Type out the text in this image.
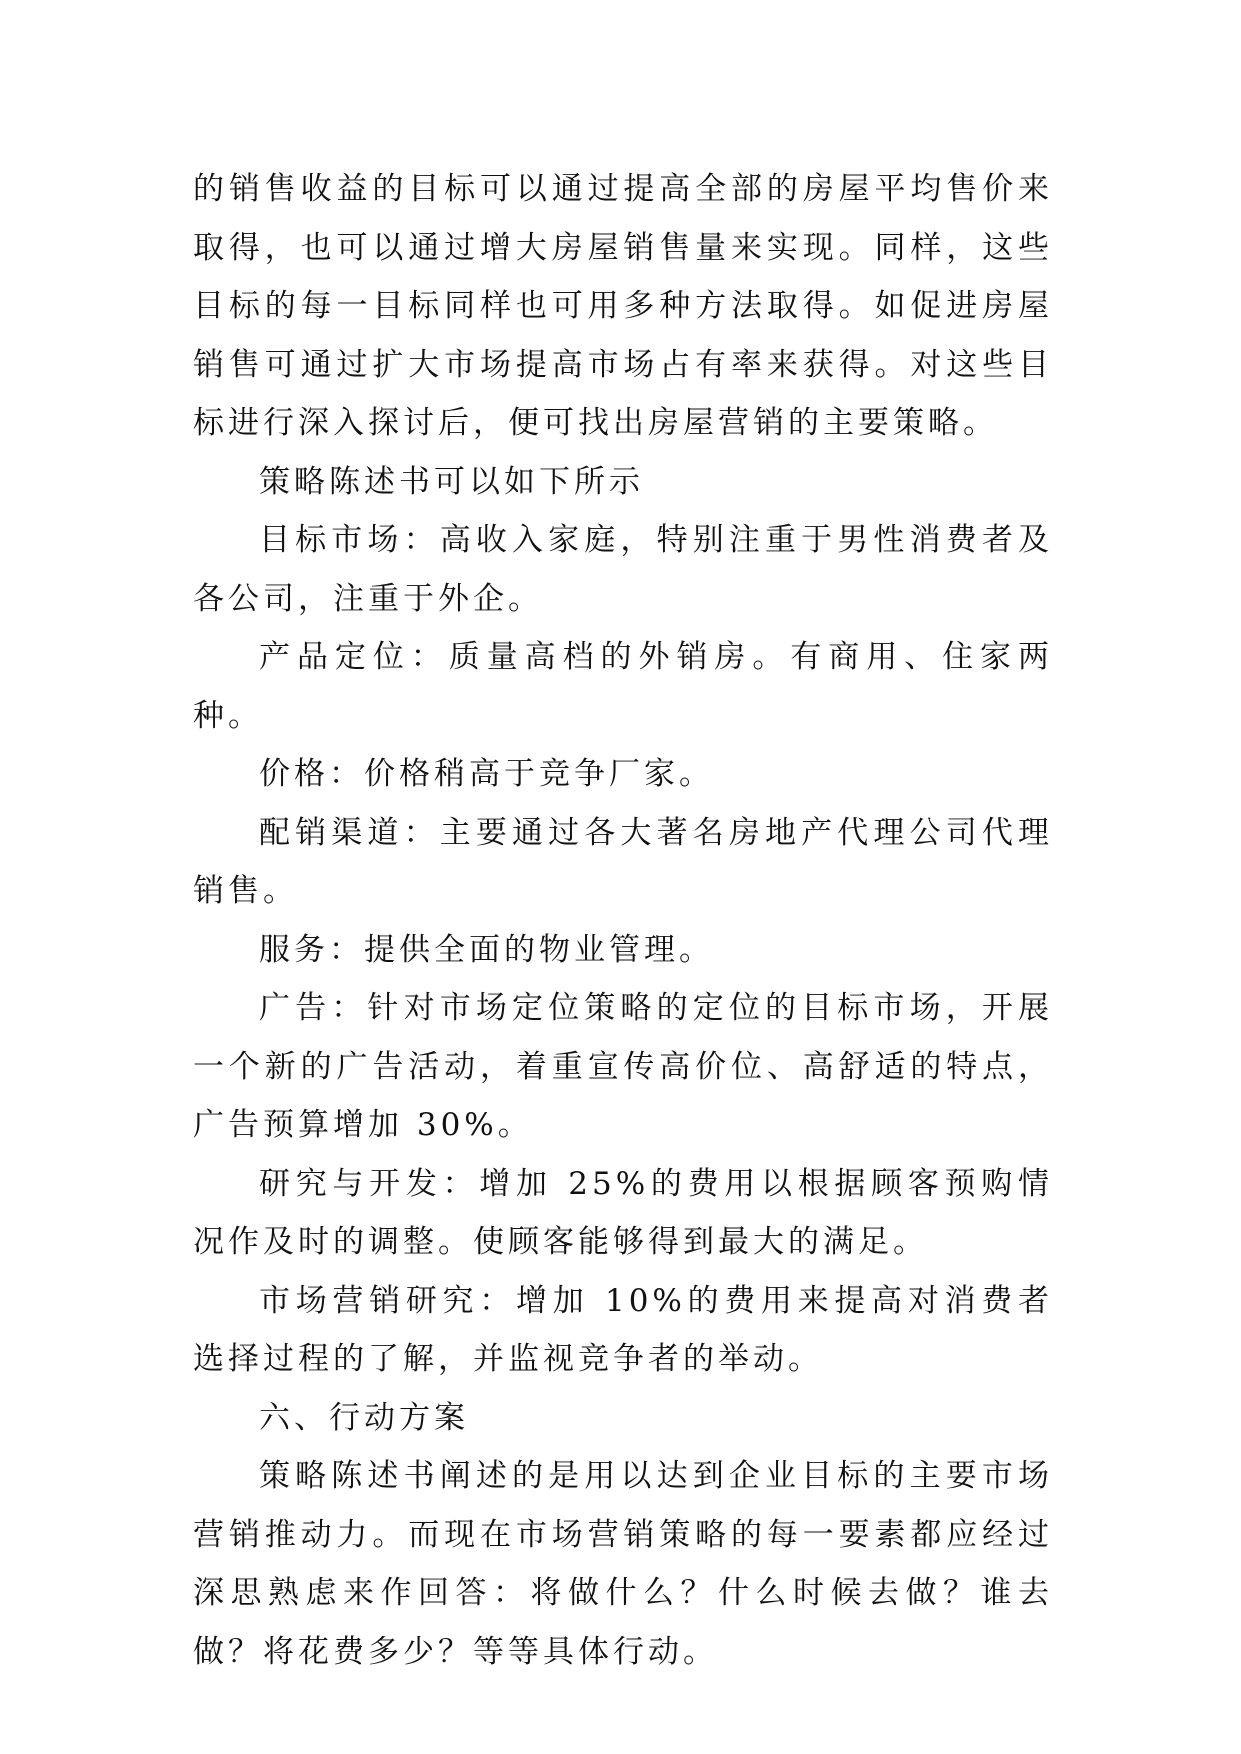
的销售收益的目标可以通过提高全部的房屋平均售价来取得，也可以通过增大房屋销售量来实现。同样，这些目标的每一目标同样也可用多种方法取得。如促进房屋销售可通过扩大市场提高市场占有率来获得。对这些目标进行深入探讨后，便可找出房屋营销的主要策略。

策略陈述书可以如下所示

目标市场：高收入家庭，特别注重于男性消费者及各公司，注重于外企。

产品定位：质量高档的外销房。有商用、住家两种。

价格：价格稍高于竞争厂家。

配销渠道：主要通过各大著名房地产代理公司代理销售。

服务：提供全面的物业管理。

广告：针对市场定位策略的定位的目标市场，开展一个新的广告活动，着重宣传高价位、高舒适的特点，广告预算增加 30%。

研究与开发：增加 25%的费用以根据顾客预购情况作及时的调整。使顾客能够得到最大的满足。

市场营销研究：增加 10%的费用来提高对消费者选择过程的了解，并监视竞争者的举动。

六、行动方案

策略陈述书阐述的是用以达到企业目标的主要市场营销推动力。而现在市场营销策略的每一要素都应经过深思熟虑来作回答：将做什么？什么时候去做？谁去做？将花费多少？等等具体行动。
